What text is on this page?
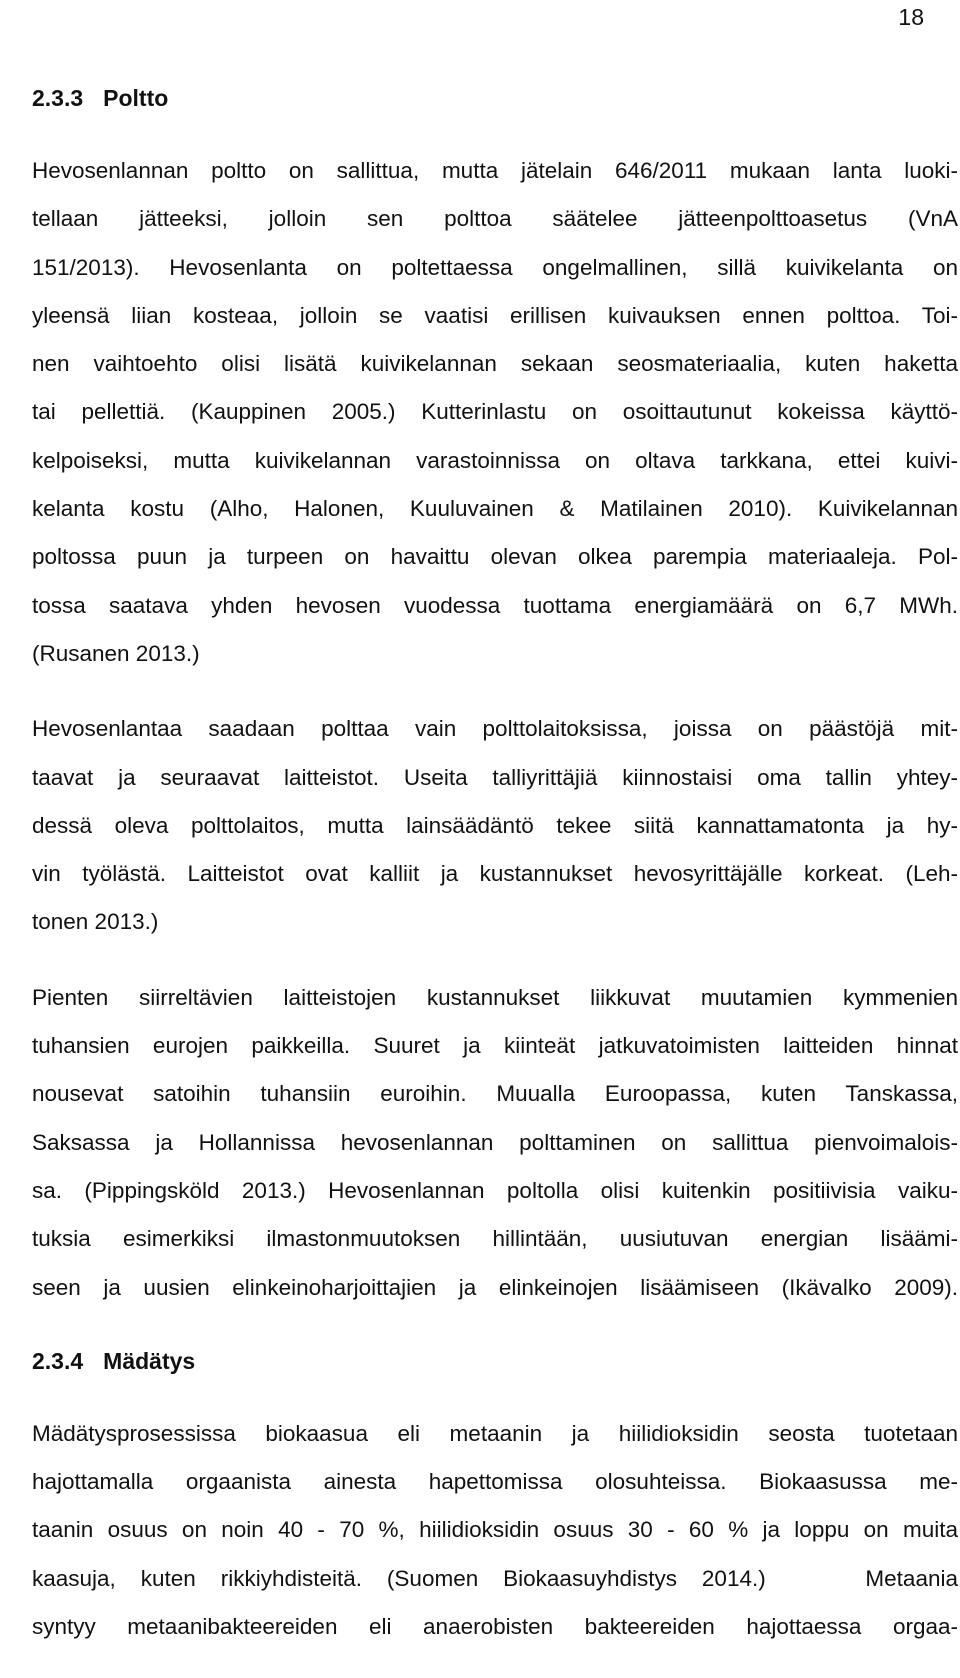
18
2.3.3 Poltto
Hevosenlannan poltto on sallittua, mutta jätelain 646/2011 mukaan lanta luoki-
tellaan jätteeksi, jolloin sen polttoa säätelee jätteenpolttoasetus (VnA
151/2013). Hevosenlanta on poltettaessa ongelmallinen, sillä kuivikelanta on
yleensä liian kosteaa, jolloin se vaatisi erillisen kuivauksen ennen polttoa. Toi-
nen vaihtoehto olisi lisätä kuivikelannan sekaan seosmateriaalia, kuten haketta
tai pellettiä. (Kauppinen 2005.) Kutterinlastu on osoittautunut kokeissa käyttö-
kelpoiseksi, mutta kuivikelannan varastoinnissa on oltava tarkkana, ettei kuivi-
kelanta kostu (Alho, Halonen, Kuuluvainen & Matilainen 2010). Kuivikelannan
poltossa puun ja turpeen on havaittu olevan olkea parempia materiaaleja. Pol-
tossa saatava yhden hevosen vuodessa tuottama energiamäärä on 6,7 MWh.
(Rusanen 2013.)
Hevosenlantaa saadaan polttaa vain polttolaitoksissa, joissa on päästöjä mit-
taavat ja seuraavat laitteistot. Useita talliyrittäjiä kiinnostaisi oma tallin yhtey-
dessä oleva polttolaitos, mutta lainsäädäntö tekee siitä kannattamatonta ja hy-
vin työlästä. Laitteistot ovat kalliit ja kustannukset hevosyrittäjälle korkeat. (Leh-
tonen 2013.)
Pienten siirreltävien laitteistojen kustannukset liikkuvat muutamien kymmenien
tuhansien eurojen paikkeilla. Suuret ja kiinteät jatkuvatoimisten laitteiden hinnat
nousevat satoihin tuhansiin euroihin. Muualla Euroopassa, kuten Tanskassa,
Saksassa ja Hollannissa hevosenlannan polttaminen on sallittua pienvoimalois-
sa. (Pippingsköld 2013.) Hevosenlannan poltolla olisi kuitenkin positiivisia vaiku-
tuksia esimerkiksi ilmastonmuutoksen hillintään, uusiutuvan energian lisäämi-
seen ja uusien elinkeinoharjoittajien ja elinkeinojen lisäämiseen (Ikävalko 2009).
2.3.4 Mädätys
Mädätysprosessissa biokaasua eli metaanin ja hiilidioksidin seosta tuotetaan
hajottamalla orgaanista ainesta hapettomissa olosuhteissa. Biokaasussa me-
taanin osuus on noin 40 - 70 %, hiilidioksidin osuus 30 - 60 % ja loppu on muita
kaasuja, kuten rikkiyhdisteitä. (Suomen Biokaasuyhdistys 2014.)    Metaania
syntyy metaanibakteereiden eli anaerobisten bakteereiden hajottaessa orgaa-
